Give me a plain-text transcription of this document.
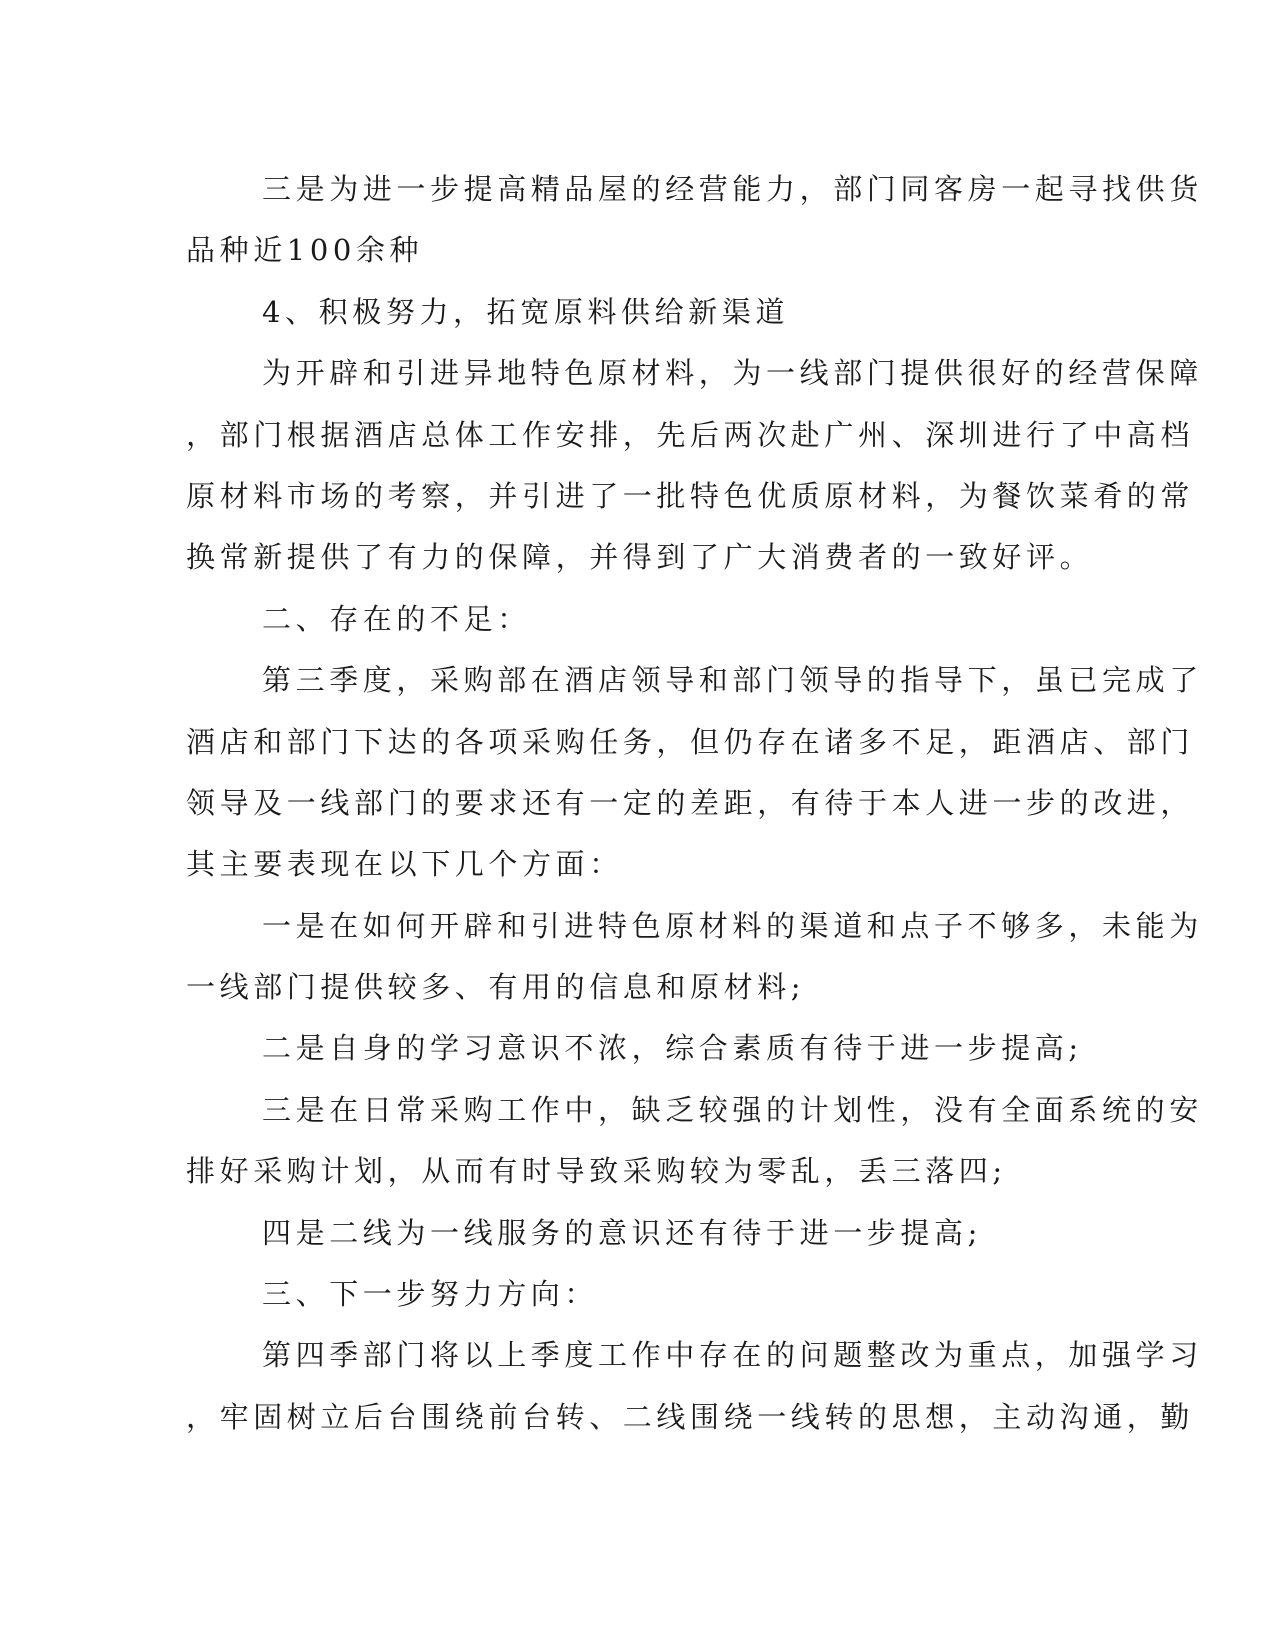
三是为进一步提高精品屋的经营能力，部门同客房一起寻找供货
品种近100余种
4、积极努力，拓宽原料供给新渠道
为开辟和引进异地特色原材料，为一线部门提供很好的经营保障
，部门根据酒店总体工作安排，先后两次赴广州、深圳进行了中高档
原材料市场的考察，并引进了一批特色优质原材料，为餐饮菜肴的常
换常新提供了有力的保障，并得到了广大消费者的一致好评。
二、存在的不足：
第三季度，采购部在酒店领导和部门领导的指导下，虽已完成了
酒店和部门下达的各项采购任务，但仍存在诸多不足，距酒店、部门
领导及一线部门的要求还有一定的差距，有待于本人进一步的改进，
其主要表现在以下几个方面：
一是在如何开辟和引进特色原材料的渠道和点子不够多，未能为
一线部门提供较多、有用的信息和原材料;
二是自身的学习意识不浓，综合素质有待于进一步提高;
三是在日常采购工作中，缺乏较强的计划性，没有全面系统的安
排好采购计划，从而有时导致采购较为零乱，丢三落四;
四是二线为一线服务的意识还有待于进一步提高;
三、下一步努力方向：
第四季部门将以上季度工作中存在的问题整改为重点，加强学习
，牢固树立后台围绕前台转、二线围绕一线转的思想，主动沟通，勤
